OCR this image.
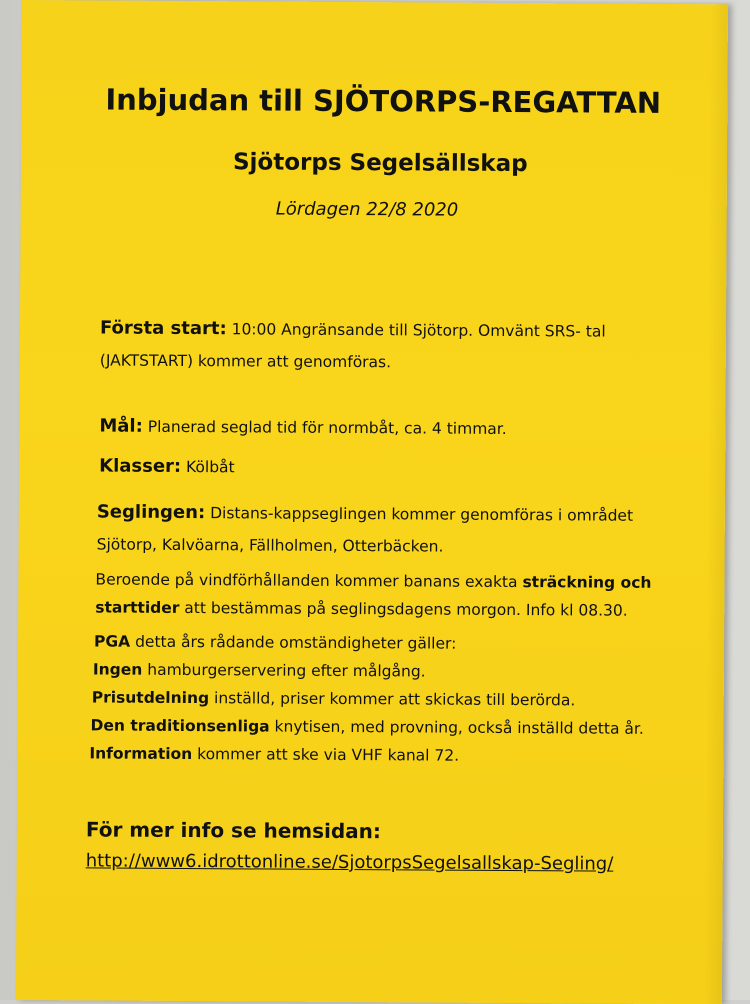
Inbjudan till SJÖTORPS-REGATTAN
Sjötorps Segelsällskap
Lördagen 22/8 2020
Första start: 10:00 Angränsande till Sjötorp. Omvänt SRS- tal
(JAKTSTART) kommer att genomföras.
Mål: Planerad seglad tid för normbåt, ca. 4 timmar.
Klasser: Kölbåt
Seglingen: Distans-kappseglingen kommer genomföras i området
Sjötorp, Kalvöarna, Fällholmen, Otterbäcken.
Beroende på vindförhållanden kommer banans exakta sträckning och
starttider att bestämmas på seglingsdagens morgon. Info kl 08.30.
PGA detta års rådande omständigheter gäller:
Ingen hamburgerservering efter målgång.
Prisutdelning inställd, priser kommer att skickas till berörda.
Den traditionsenliga knytisen, med provning, också inställd detta år.
Information kommer att ske via VHF kanal 72.
För mer info se hemsidan:
http://www6.idrottonline.se/SjotorpsSegelsallskap-Segling/
